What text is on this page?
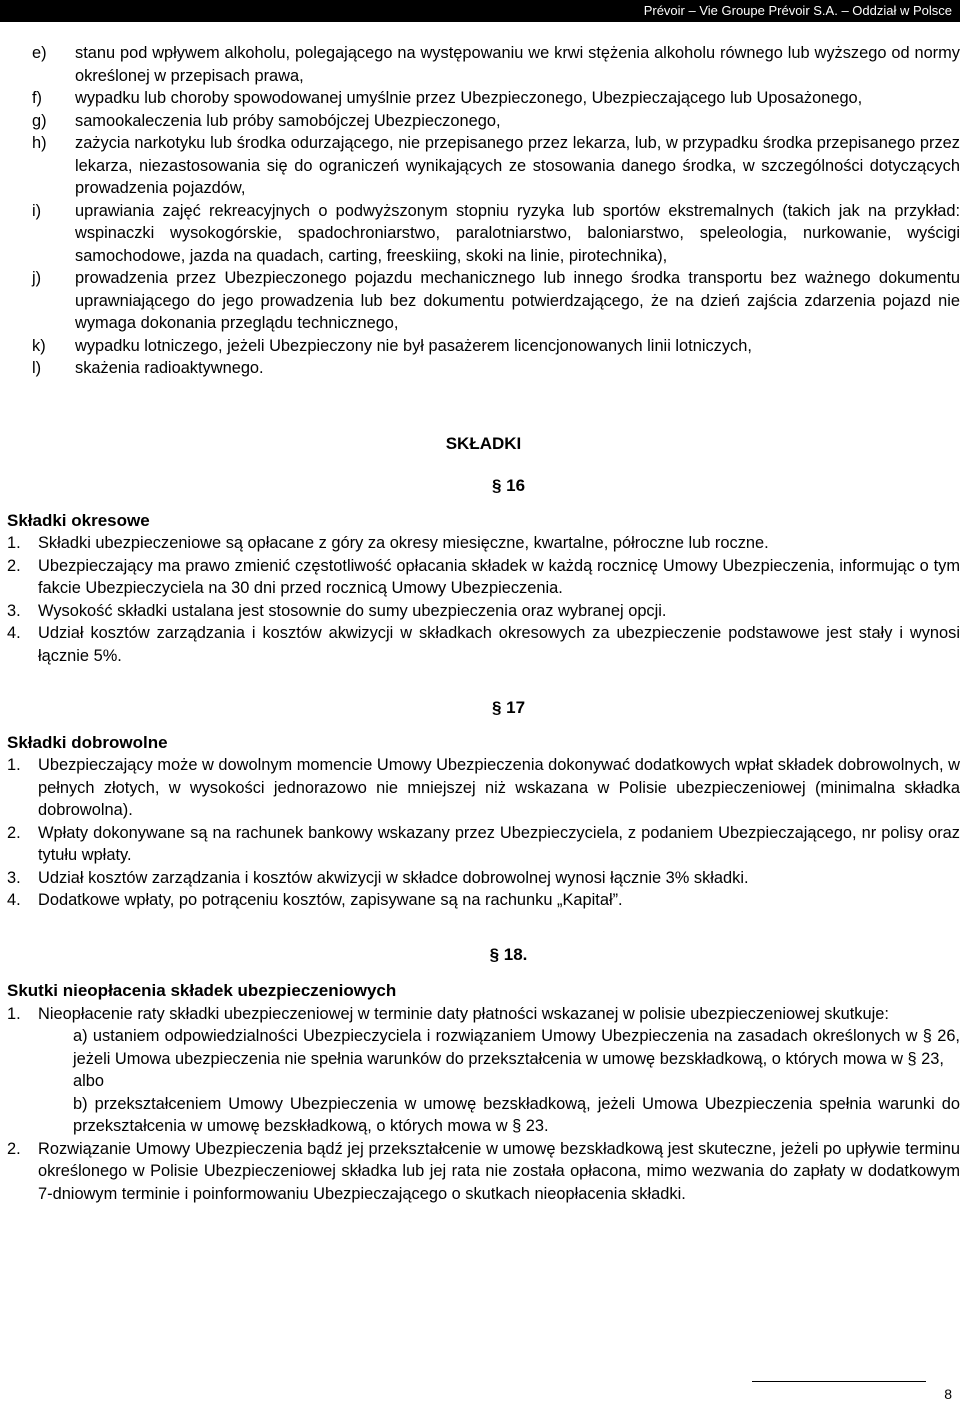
Prévoir – Vie Groupe Prévoir S.A. – Oddział w Polsce
e) stanu pod wpływem alkoholu, polegającego na występowaniu we krwi stężenia alkoholu równego lub wyższego od normy określonej w przepisach prawa,
f) wypadku lub choroby spowodowanej umyślnie przez Ubezpieczonego, Ubezpieczającego lub Uposażonego,
g) samookaleczenia lub próby samobójczej Ubezpieczonego,
h) zażycia narkotyku lub środka odurzającego, nie przepisanego przez lekarza, lub, w przypadku środka przepisanego przez lekarza, niezastosowania się do ograniczeń wynikających ze stosowania danego środka, w szczególności dotyczących prowadzenia pojazdów,
i) uprawiania zajęć rekreacyjnych o podwyższonym stopniu ryzyka lub sportów ekstremalnych (takich jak na przykład: wspinaczki wysokogórskie, spadochroniarstwo, paralotniarstwo, baloniarstwo, speleologia, nurkowanie, wyścigi samochodowe, jazda na quadach, carting, freeskiing, skoki na linie, pirotechnika),
j) prowadzenia przez Ubezpieczonego pojazdu mechanicznego lub innego środka transportu bez ważnego dokumentu uprawniającego do jego prowadzenia lub bez dokumentu potwierdzającego, że na dzień zajścia zdarzenia pojazd nie wymaga dokonania przeglądu technicznego,
k) wypadku lotniczego, jeżeli Ubezpieczony nie był pasażerem licencjonowanych linii lotniczych,
l) skażenia radioaktywnego.
SKŁADKI
§ 16
Składki okresowe
1. Składki ubezpieczeniowe są opłacane z góry za okresy miesięczne, kwartalne, półroczne lub roczne.
2. Ubezpieczający ma prawo zmienić częstotliwość opłacania składek w każdą rocznicę Umowy Ubezpieczenia, informując o tym fakcie Ubezpieczyciela na 30 dni przed rocznicą Umowy Ubezpieczenia.
3. Wysokość składki ustalana jest stosownie do sumy ubezpieczenia oraz wybranej opcji.
4. Udział kosztów zarządzania i kosztów akwizycji w składkach okresowych za ubezpieczenie podstawowe jest stały i wynosi łącznie 5%.
§ 17
Składki dobrowolne
1. Ubezpieczający może w dowolnym momencie Umowy Ubezpieczenia dokonywać dodatkowych wpłat składek dobrowolnych, w pełnych złotych, w wysokości jednorazowo nie mniejszej niż wskazana w Polisie ubezpieczeniowej (minimalna składka dobrowolna).
2. Wpłaty dokonywane są na rachunek bankowy wskazany przez Ubezpieczyciela, z podaniem Ubezpieczającego, nr polisy oraz tytułu wpłaty.
3. Udział kosztów zarządzania i kosztów akwizycji w składce dobrowolnej wynosi łącznie 3% składki.
4. Dodatkowe wpłaty, po potrąceniu kosztów, zapisywane są na rachunku „Kapitał”.
§ 18.
Skutki nieopłacenia składek ubezpieczeniowych
1. Nieopłacenie raty składki ubezpieczeniowej w terminie daty płatności wskazanej w polisie ubezpieczeniowej skutkuje:
a) ustaniem odpowiedzialności Ubezpieczyciela i rozwiązaniem Umowy Ubezpieczenia na zasadach określonych w § 26, jeżeli Umowa ubezpieczenia nie spełnia warunków do przekształcenia w umowę bezskładkową, o których mowa w § 23,
albo
b) przekształceniem Umowy Ubezpieczenia w umowę bezskładkową, jeżeli Umowa Ubezpieczenia spełnia warunki do przekształcenia w umowę bezskładkową, o których mowa w § 23.
2. Rozwiązanie Umowy Ubezpieczenia bądź jej przekształcenie w umowę bezskładkową jest skuteczne, jeżeli po upływie terminu określonego w Polisie Ubezpieczeniowej składka lub jej rata nie została opłacona, mimo wezwania do zapłaty w dodatkowym 7-dniowym terminie i poinformowaniu Ubezpieczającego o skutkach nieopłacenia składki.
8
